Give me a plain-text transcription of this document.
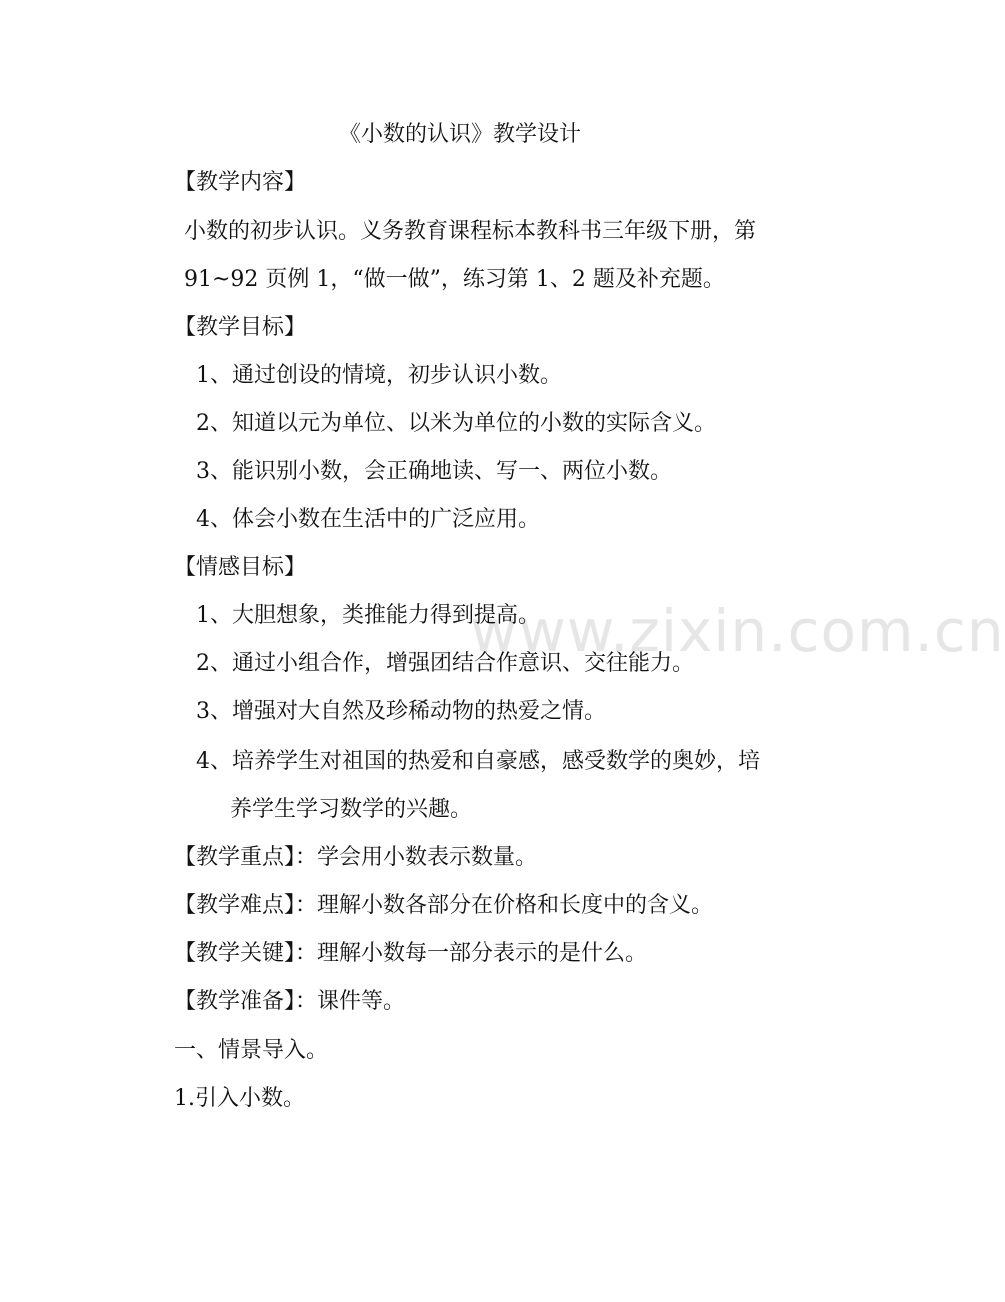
www.zixin.com.cn
《小数的认识》教学设计
【教学内容】
小数的初步认识。义务教育课程标本教科书三年级下册，第
91~92 页例 1，“做一做”，练习第 1、2 题及补充题。
【教学目标】
1、通过创设的情境，初步认识小数。
2、知道以元为单位、以米为单位的小数的实际含义。
3、能识别小数，会正确地读、写一、两位小数。
4、体会小数在生活中的广泛应用。
【情感目标】
1、大胆想象，类推能力得到提高。
2、通过小组合作，增强团结合作意识、交往能力。
3、增强对大自然及珍稀动物的热爱之情。
4、培养学生对祖国的热爱和自豪感，感受数学的奥妙，培
养学生学习数学的兴趣。
【教学重点】：学会用小数表示数量。
【教学难点】：理解小数各部分在价格和长度中的含义。
【教学关键】：理解小数每一部分表示的是什么。
【教学准备】：课件等。
一、情景导入。
1.引入小数。
